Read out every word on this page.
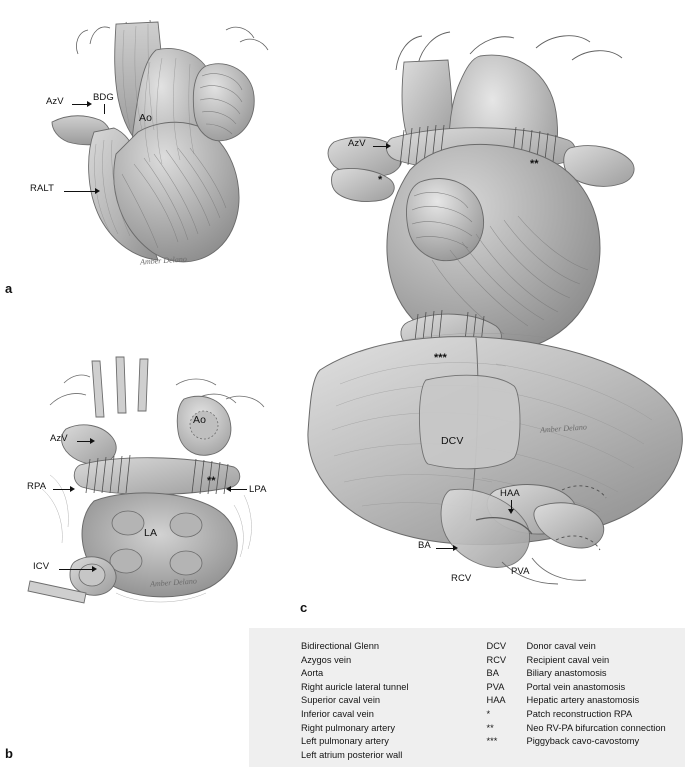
AzV	BDG
Ao
RALT
Amber Delano
a
AzV
Ao
RPA	**
LPA
LA
ICV
Amber Delano
b
AzV
*
**
***
DCV
HAA
BA
RCV
PVA
Amber Delano
c
Bidirectional Glenn
Azygos vein
Aorta
Right auricle lateral tunnel
Superior caval vein
Inferior caval vein
Right pulmonary artery
Left pulmonary artery
Left atrium posterior wall
DCV	Donor caval vein
RCV	Recipient caval vein
BA	Biliary anastomosis
PVA	Portal vein anastomosis
HAA	Hepatic artery anastomosis
*	Patch reconstruction RPA
**	Neo RV-PA bifurcation connection
***	Piggyback cavo-cavostomy
